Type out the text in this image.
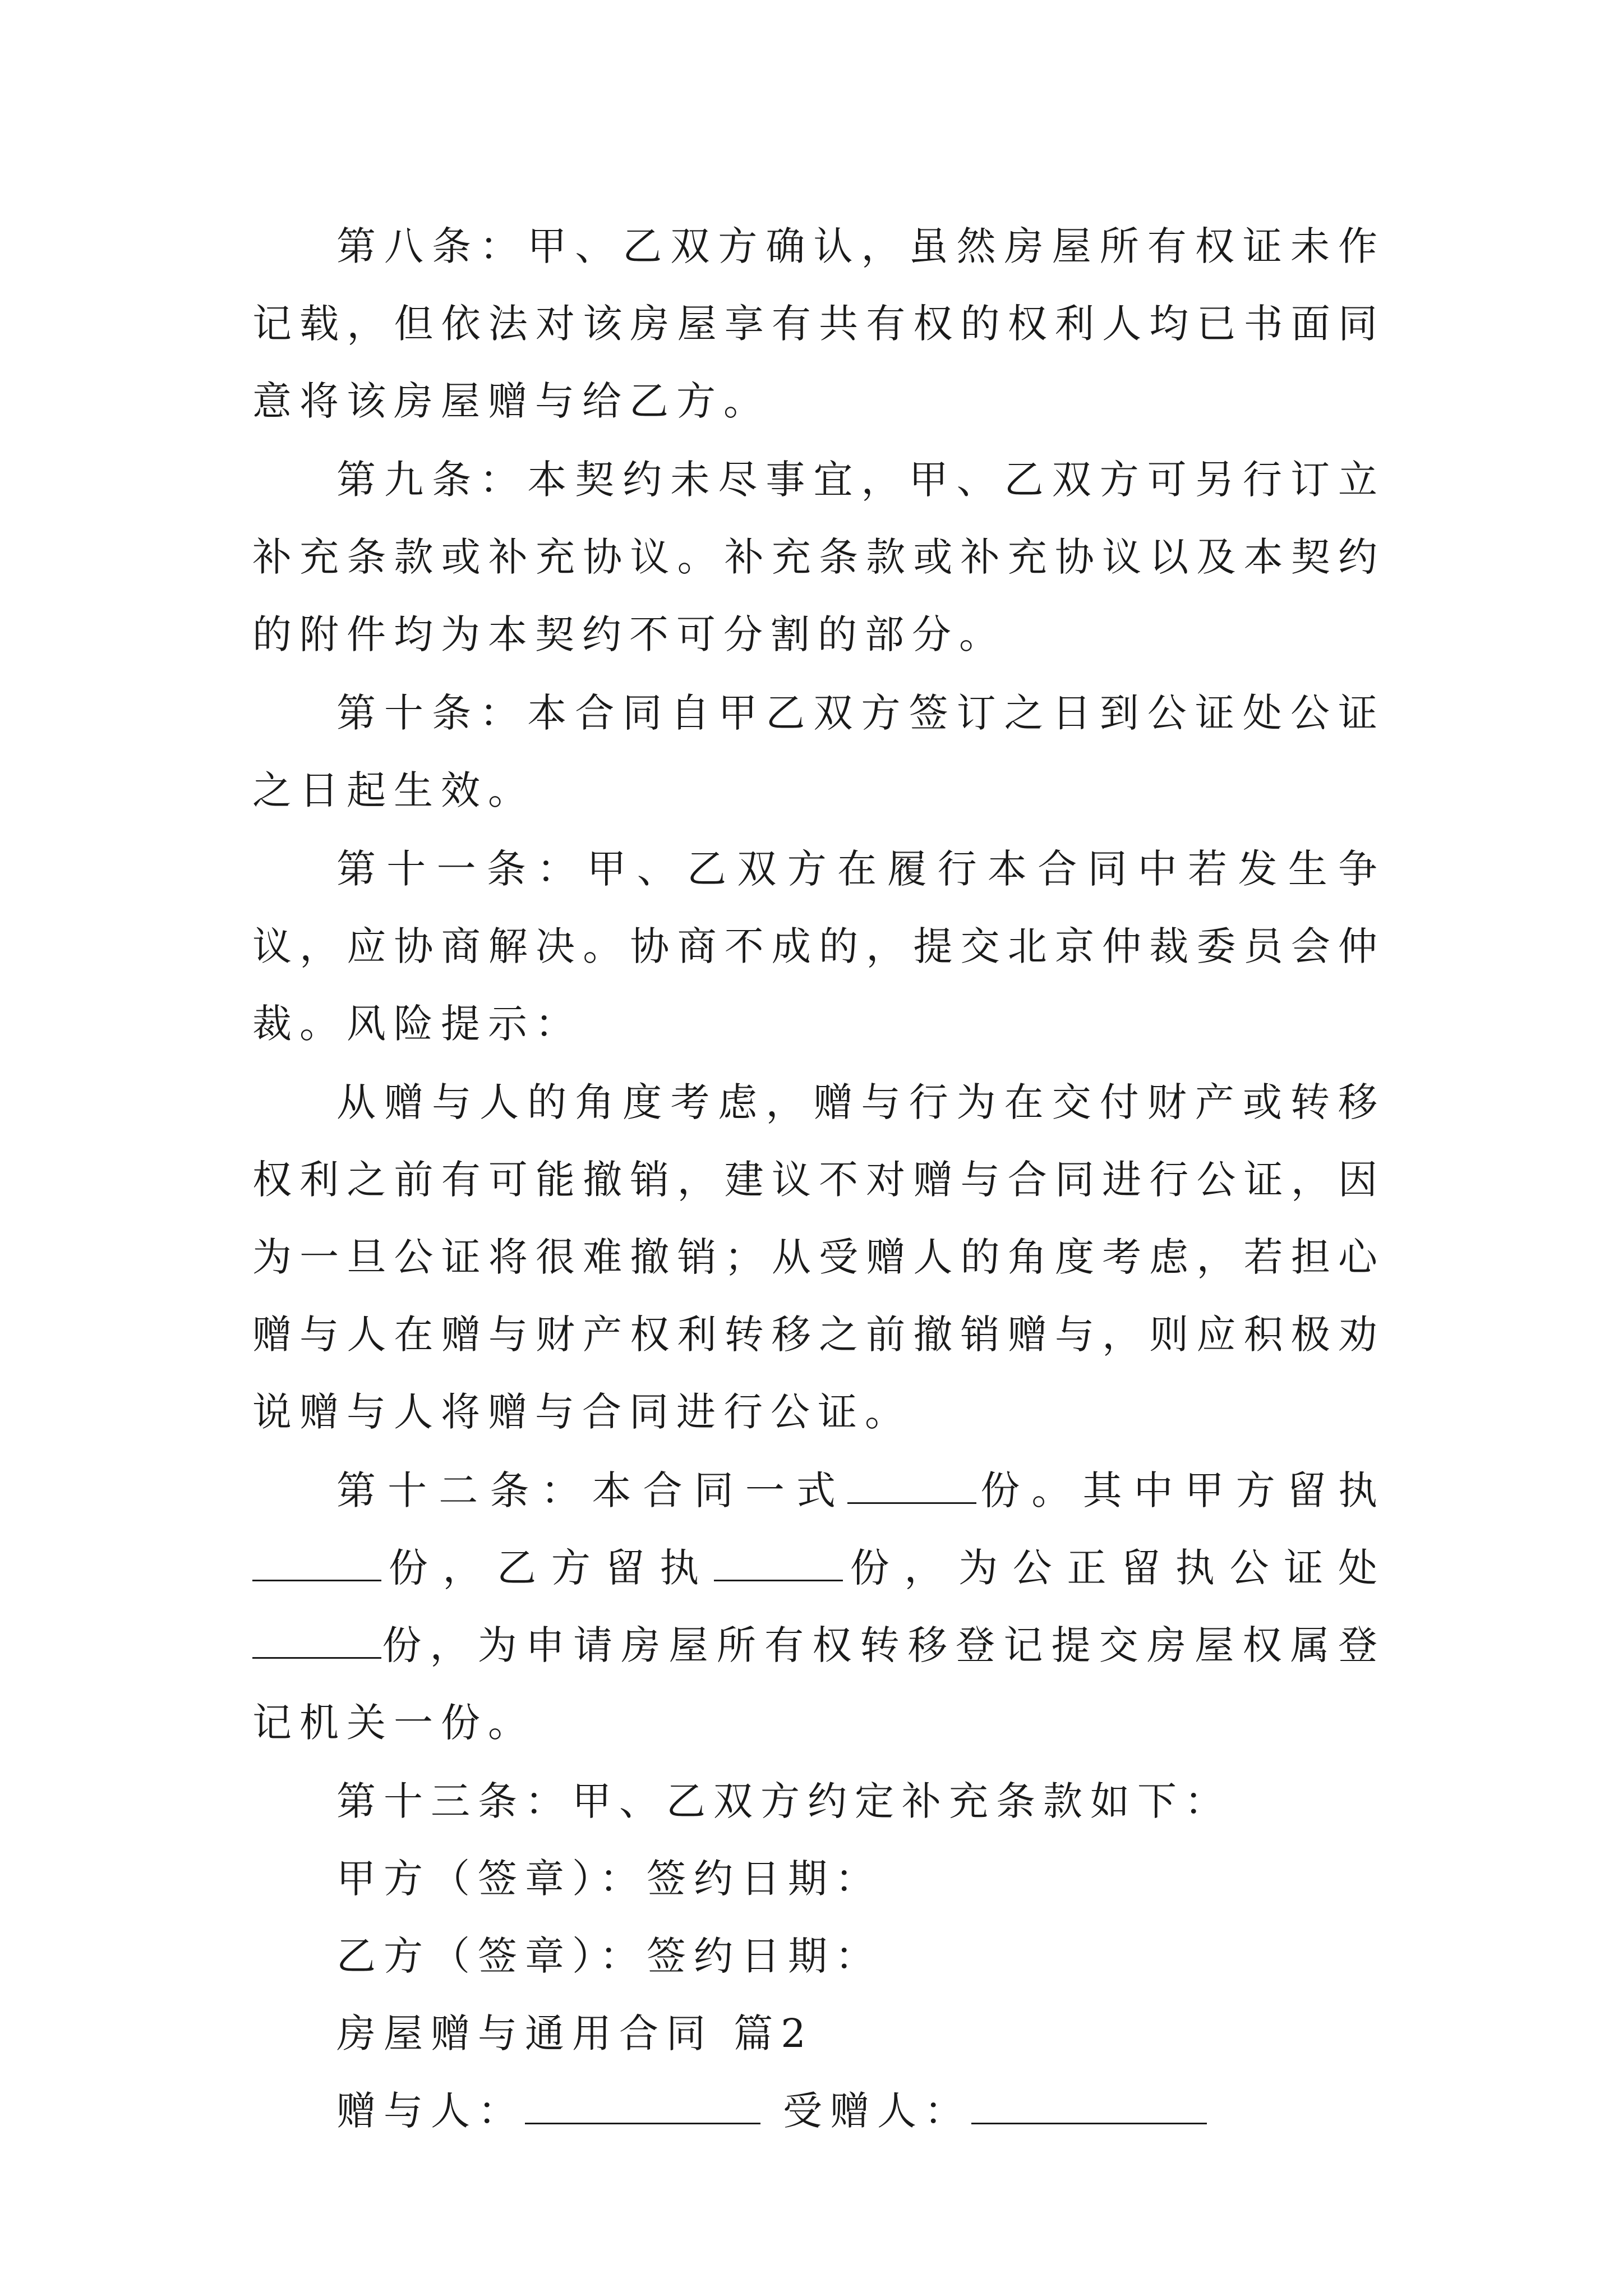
第八条：甲、乙双方确认，虽然房屋所有权证未作记载，但依法对该房屋享有共有权的权利人均已书面同意将该房屋赠与给乙方。

第九条：本契约未尽事宜，甲、乙双方可另行订立补充条款或补充协议。补充条款或补充协议以及本契约的附件均为本契约不可分割的部分。

第十条：本合同自甲乙双方签订之日到公证处公证之日起生效。

第十一条：甲、乙双方在履行本合同中若发生争议，应协商解决。协商不成的，提交北京仲裁委员会仲裁。风险提示：

从赠与人的角度考虑，赠与行为在交付财产或转移权利之前有可能撤销，建议不对赠与合同进行公证，因为一旦公证将很难撤销；从受赠人的角度考虑，若担心赠与人在赠与财产权利转移之前撤销赠与，则应积极劝说赠与人将赠与合同进行公证。

第十二条：本合同一式	份。其中甲方留执份，乙方留执	份，为公正留执公证处份，为申请房屋所有权转移登记提交房屋权属登记机关一份。

第十三条：甲、乙双方约定补充条款如下：

甲方（签章）：签约日期：

乙方（签章）：签约日期：

房屋赠与通用合同 篇2

赠与人：	受赠人：
